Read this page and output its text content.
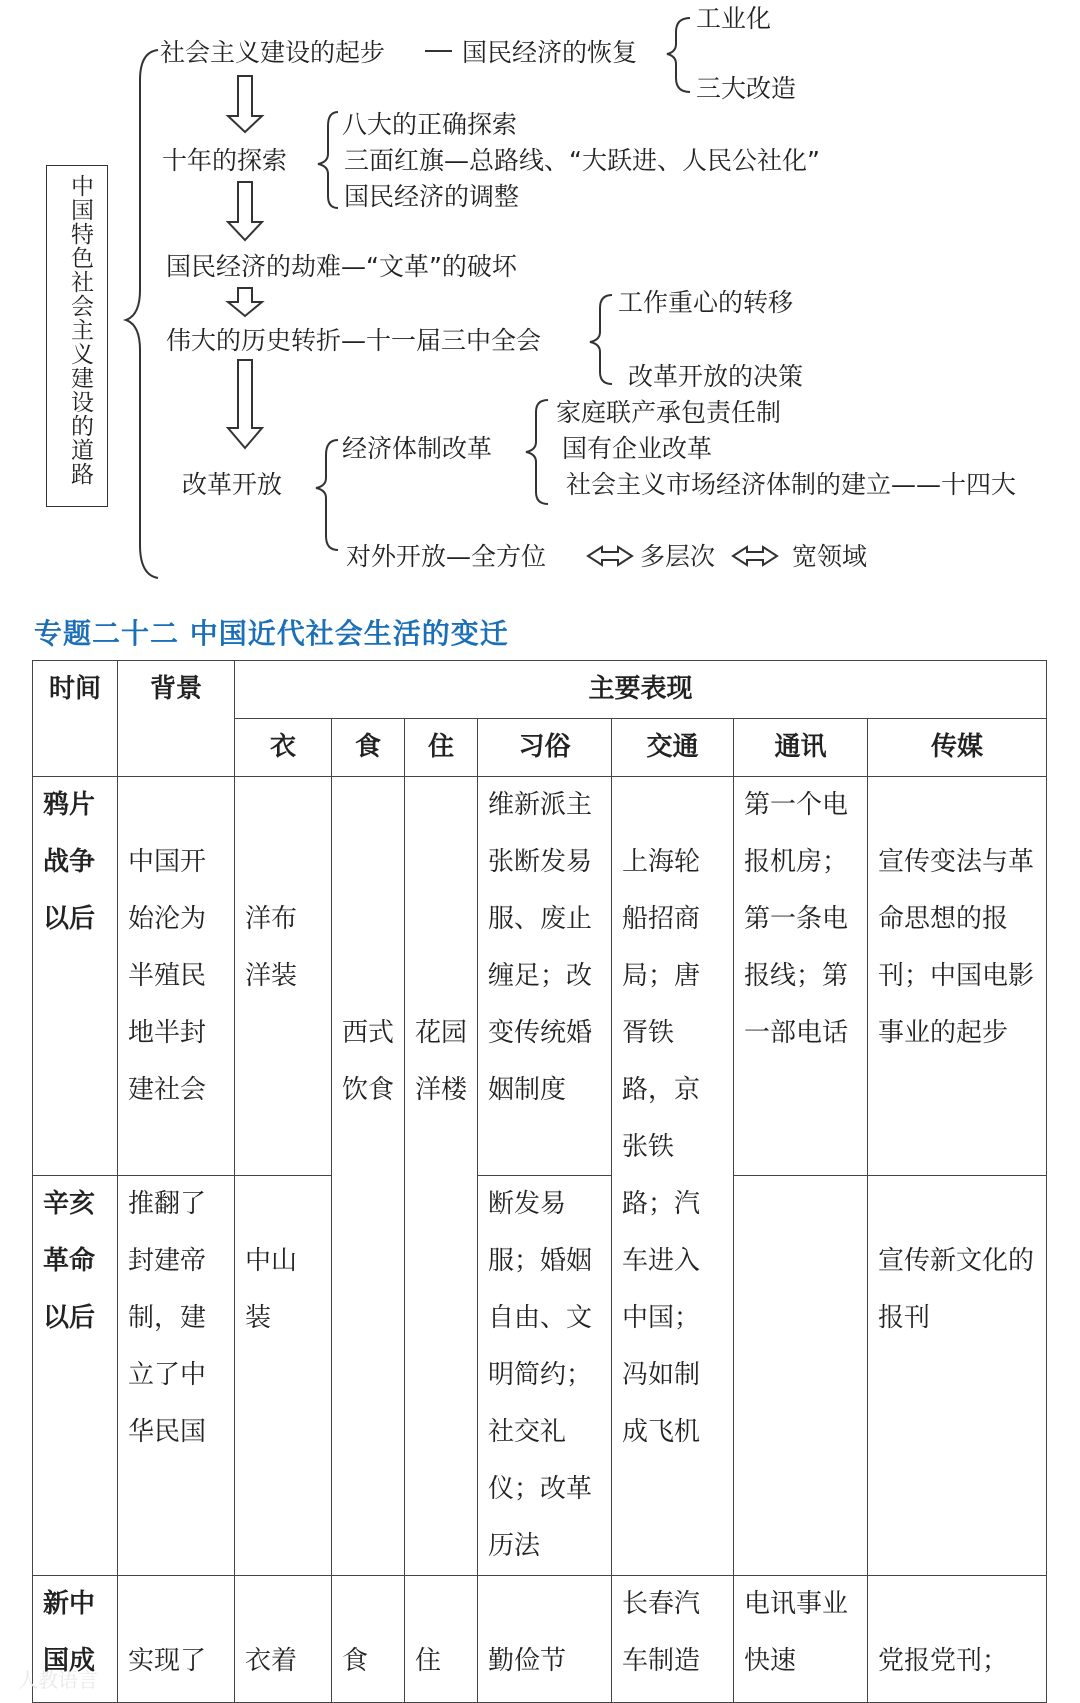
中国特色社会主义建设的道路
社会主义建设的起步	国民经济的恢复
工业化
三大改造
十年的探索
八大的正确探索
三面红旗—总路线、“大跃进、人民公社化”
国民经济的调整
国民经济的劫难—“文革”的破坏
伟大的历史转折—十一届三中全会
工作重心的转移
改革开放的决策
改革开放
经济体制改革
家庭联产承包责任制
国有企业改革
社会主义市场经济体制的建立——十四大
对外开放—全方位	多层次	宽领域
专题二十二 中国近代社会生活的变迁
时间	背景	主要表现						
		衣	食	住	习俗	交通	通讯	传媒
鸦片战争以后	中国开始沦为半殖民地半封建社会	洋布洋装	西式饮食	花园洋楼	维新派主张断发易服、废止缠足；改变传统婚姻制度	上海轮船招商局；唐胥铁路，京张铁路；汽车进入中国；冯如制成飞机	第一个电报机房；第一条电报线；第一部电话	宣传变法与革命思想的报刊；中国电影事业的起步
辛亥革命以后	推翻了封建帝制，建立了中华民国	中山装			断发易服；婚姻自由、文明简约；社交礼仪；改革历法			宣传新文化的报刊
新中国成	实现了	衣着	食	住	勤俭节	长春汽车制造	电讯事业快速	党报党刊；
人教语言
